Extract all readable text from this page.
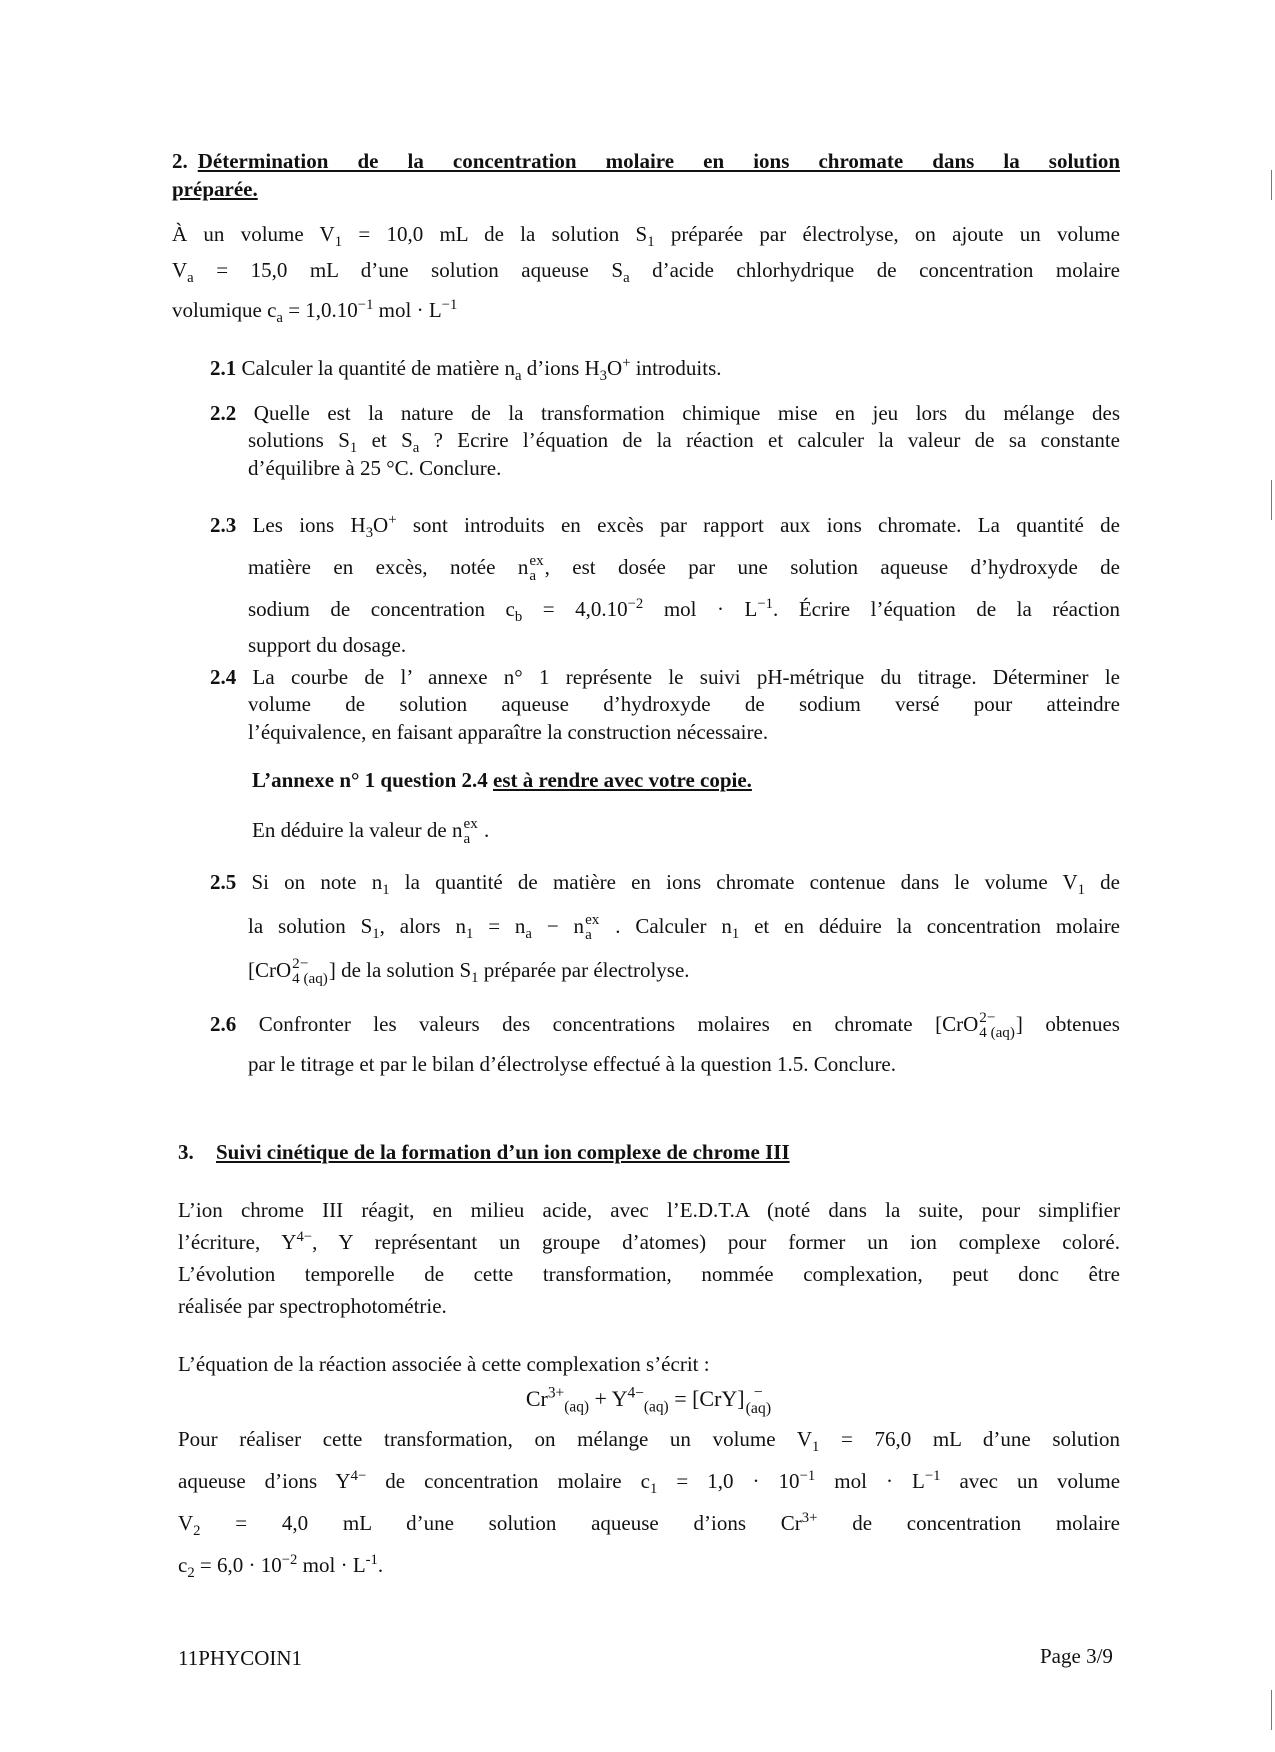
2. Détermination de la concentration molaire en ions chromate dans la solution
préparée.

À un volume $V_1 = 10,0$ mL de la solution $S_1$ préparée par électrolyse, on ajoute un volume

$V_a = 15,0$ mL d’une solution aqueuse $S_a$ d’acide chlorhydrique de concentration molaire

volumique $c_a = 1,0.10^{-1}$ mol · $L^{-1}$

2.1 Calculer la quantité de matière $n_a$ d’ions $H_3O^+$ introduits.

2.2 Quelle est la nature de la transformation chimique mise en jeu lors du mélange des

solutions $S_1$ et $S_a$ ? Ecrire l’équation de la réaction et calculer la valeur de sa constante

d’équilibre à 25 °C. Conclure.

2.3 Les ions $H_3O^+$ sont introduits en excès par rapport aux ions chromate. La quantité de

matière en excès, notée n ex
a , est dosée par une solution aqueuse d’hydroxyde de

sodium de concentration $c_b = 4,0.10^{-2}$ mol · $L^{-1}$. Écrire l’équation de la réaction

support du dosage.

2.4 La courbe de l’ annexe n° 1 représente le suivi pH-métrique du titrage. Déterminer le

volume de solution aqueuse d’hydroxyde de sodium versé pour atteindre

l’équivalence, en faisant apparaître la construction nécessaire.

L’annexe n° 1 question 2.4 est à rendre avec votre copie.
En déduire la valeur de n ex
a .

2.5 Si on note $n_1$ la quantité de matière en ions chromate contenue dans le volume $V_1$ de

la solution $S_1$, alors $n_1 = n_a - n$ ex
a . Calculer $n_1$ et en déduire la concentration molaire

[CrO 2−
4 (aq) ] de la solution $S_1$ préparée par électrolyse.

2.6 Confronter les valeurs des concentrations molaires en chromate [CrO 2−
4 (aq) ] obtenues

par le titrage et par le bilan d’électrolyse effectué à la question 1.5. Conclure.

3. Suivi cinétique de la formation d’un ion complexe de chrome III

L’ion chrome III réagit, en milieu acide, avec l’E.D.T.A (noté dans la suite, pour simplifier

l’écriture, $Y^{4-}$, Y représentant un groupe d’atomes) pour former un ion complexe coloré.

L’évolution temporelle de cette transformation, nommée complexation, peut donc être

réalisée par spectrophotométrie.

L’équation de la réaction associée à cette complexation s’écrit :
$Cr^{3+}_{(aq)} + Y^{4-}_{(aq)} = [CrY]$ −
(aq)

Pour réaliser cette transformation, on mélange un volume $V_1 = 76,0$ mL d’une solution

aqueuse d’ions $Y^{4-}$ de concentration molaire $c_1 = 1,0 \cdot 10^{-1}$ mol · $L^{-1}$ avec un volume

$V_2 = 4,0$ mL d’une solution aqueuse d’ions $Cr^{3+}$ de concentration molaire

$c_2 = 6,0 \cdot 10^{-2}$ mol · $L^{-1}$.

11PHYCOIN1	Page 3/9
